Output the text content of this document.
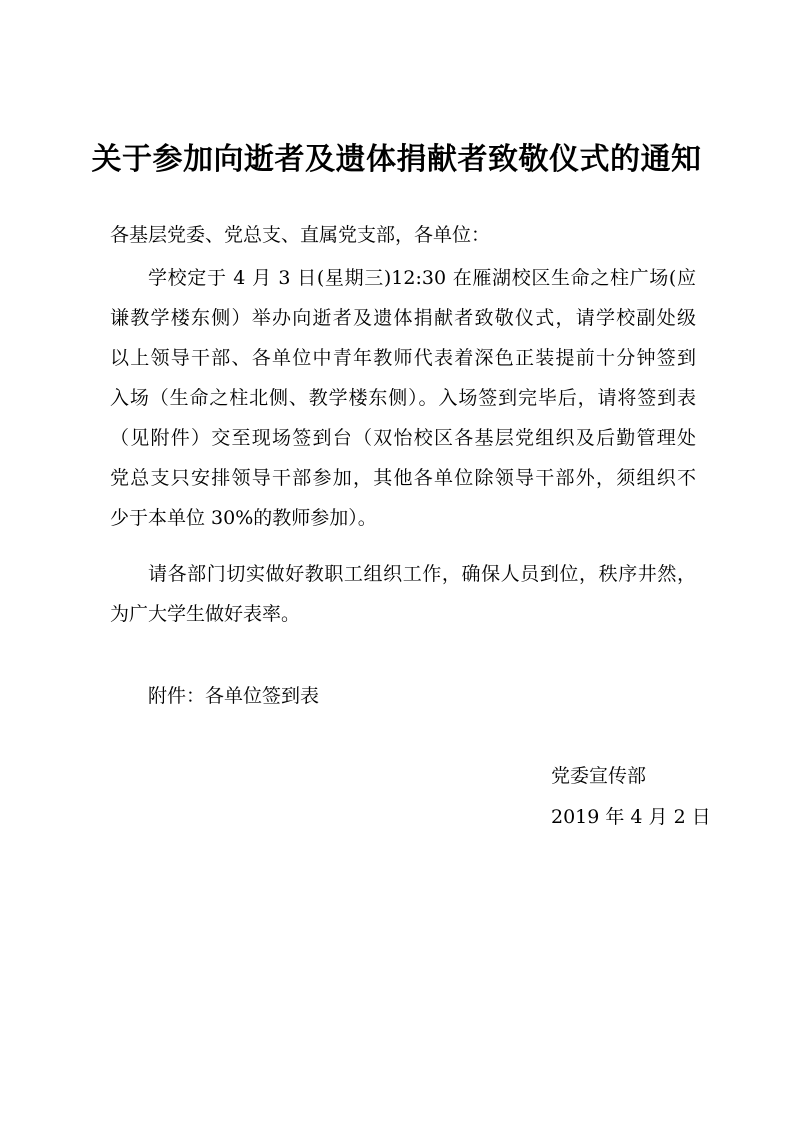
关于参加向逝者及遗体捐献者致敬仪式的通知
各基层党委、党总支、直属党支部，各单位：
学校定于 4 月 3 日(星期三)12:30 在雁湖校区生命之柱广场(应
谦教学楼东侧）举办向逝者及遗体捐献者致敬仪式，请学校副处级
以上领导干部、各单位中青年教师代表着深色正装提前十分钟签到
入场（生命之柱北侧、教学楼东侧）。入场签到完毕后，请将签到表
（见附件）交至现场签到台（双怡校区各基层党组织及后勤管理处
党总支只安排领导干部参加，其他各单位除领导干部外，须组织不
少于本单位 30%的教师参加）。
请各部门切实做好教职工组织工作，确保人员到位，秩序井然，
为广大学生做好表率。
附件：各单位签到表
党委宣传部
2019 年 4 月 2 日
